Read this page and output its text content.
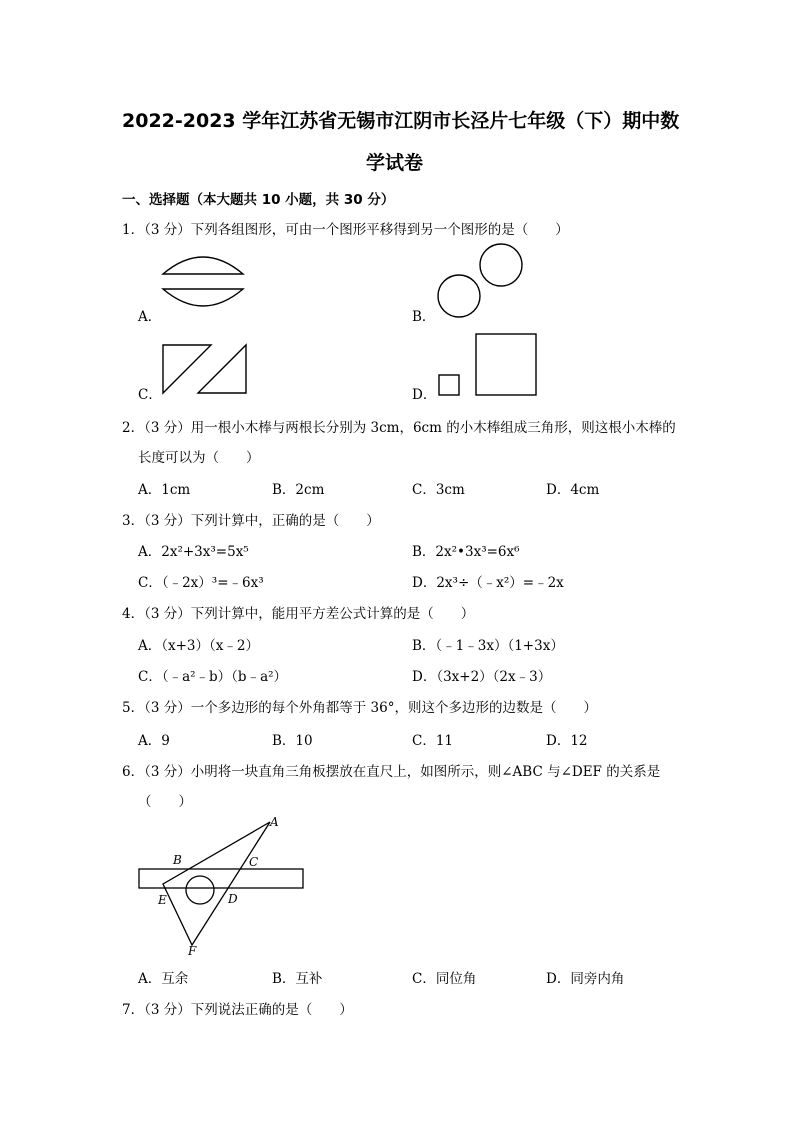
2022-2023 学年江苏省无锡市江阴市长泾片七年级（下）期中数
学试卷
一、选择题（本大题共 10 小题，共 30 分）
1．（3 分）下列各组图形，可由一个图形平移得到另一个图形的是（　　）
A．	B．
C．	D．
2．（3 分）用一根小木棒与两根长分别为 3cm，6cm 的小木棒组成三角形，则这根小木棒的
长度可以为（　　）
A．1cm	B．2cm	C．3cm	D．4cm
3．（3 分）下列计算中，正确的是（　　）
A．2x²+3x³=5x⁵	B．2x²•3x³=6x⁶
C．（﹣2x）³=﹣6x³	D．2x³÷（﹣x²）=﹣2x
4．（3 分）下列计算中，能用平方差公式计算的是（　　）
A．（x+3）（x﹣2）	B．（﹣1﹣3x）（1+3x）
C．（﹣a²﹣b）（b﹣a²）	D．（3x+2）（2x﹣3）
5．（3 分）一个多边形的每个外角都等于 36°，则这个多边形的边数是（　　）
A．9	B．10	C．11	D．12
6．（3 分）小明将一块直角三角板摆放在直尺上，如图所示，则∠ABC 与∠DEF 的关系是
（　　）
A
B	C
D
E
F
A．互余	B．互补	C．同位角	D．同旁内角
7．（3 分）下列说法正确的是（　　）
